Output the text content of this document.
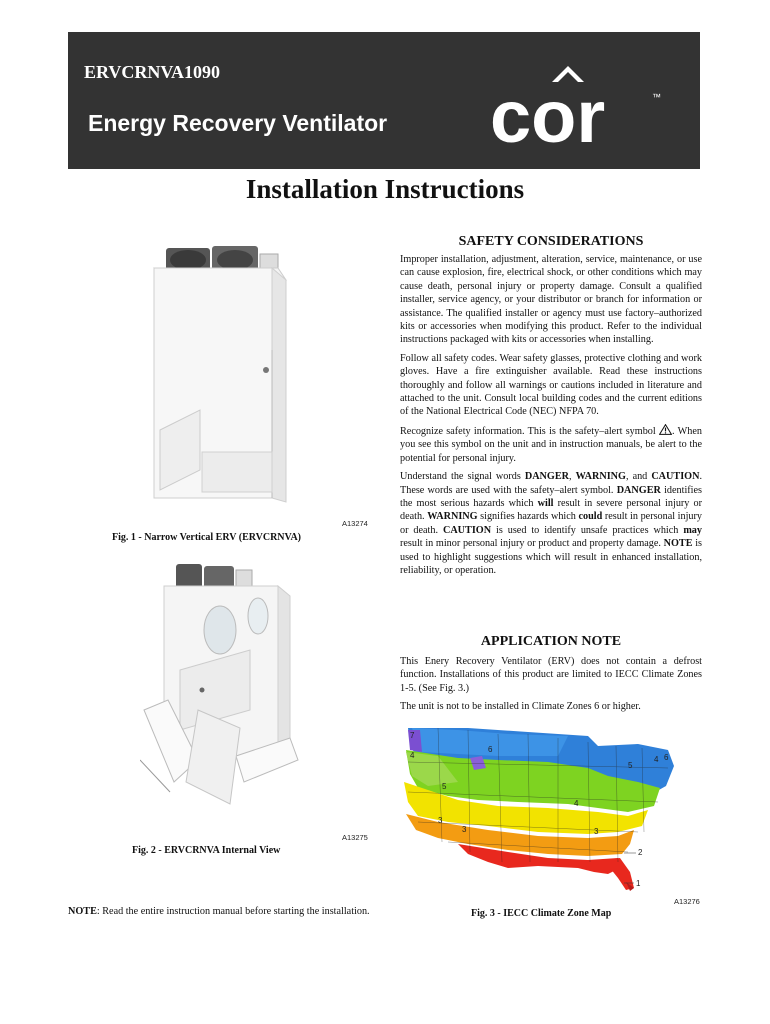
ERVCRNVA1090
Energy Recovery Ventilator cor	™
Installation Instructions
A13274
Fig. 1 - Narrow Vertical ERV (ERVCRNVA)
A13275
Fig. 2 - ERVCRNVA Internal View
NOTE: Read the entire instruction manual before starting the installation.
SAFETY CONSIDERATIONS

Improper installation, adjustment, alteration, service, maintenance, or use can cause explosion, fire, electrical shock, or other conditions which may cause death, personal injury or property damage. Consult a qualified installer, service agency, or your distributor or branch for information or assistance. The qualified installer or agency must use factory–authorized kits or accessories when modifying this product. Refer to the individual instructions packaged with kits or accessories when installing.

Follow all safety codes. Wear safety glasses, protective clothing and work gloves. Have a fire extinguisher available. Read these instructions thoroughly and follow all warnings or cautions included in literature and attached to the unit. Consult local building codes and the current editions of the National Electrical Code (NEC) NFPA 70.

Recognize safety information. This is the safety–alert symbol . When you see this symbol on the unit and in instruction manuals, be alert to the potential for personal injury.

Understand the signal words DANGER, WARNING, and CAUTION. These words are used with the safety–alert symbol. DANGER identifies the most serious hazards which will result in severe personal injury or death. WARNING signifies hazards which could result in personal injury or death. CAUTION is used to identify unsafe practices which may result in minor personal injury or product and property damage. NOTE is used to highlight suggestions which will result in enhanced installation, reliability, or operation.

APPLICATION NOTE

This Enery Recovery Ventilator (ERV) does not contain a defrost function. Installations of this product are limited to IECC Climate Zones 1-5. (See Fig. 3.)

The unit is not to be installed in Climate Zones 6 or higher.

1
2
3
3	3
4
4
4
5
5
6
6
7
A13276
Fig. 3 - IECC Climate Zone Map
